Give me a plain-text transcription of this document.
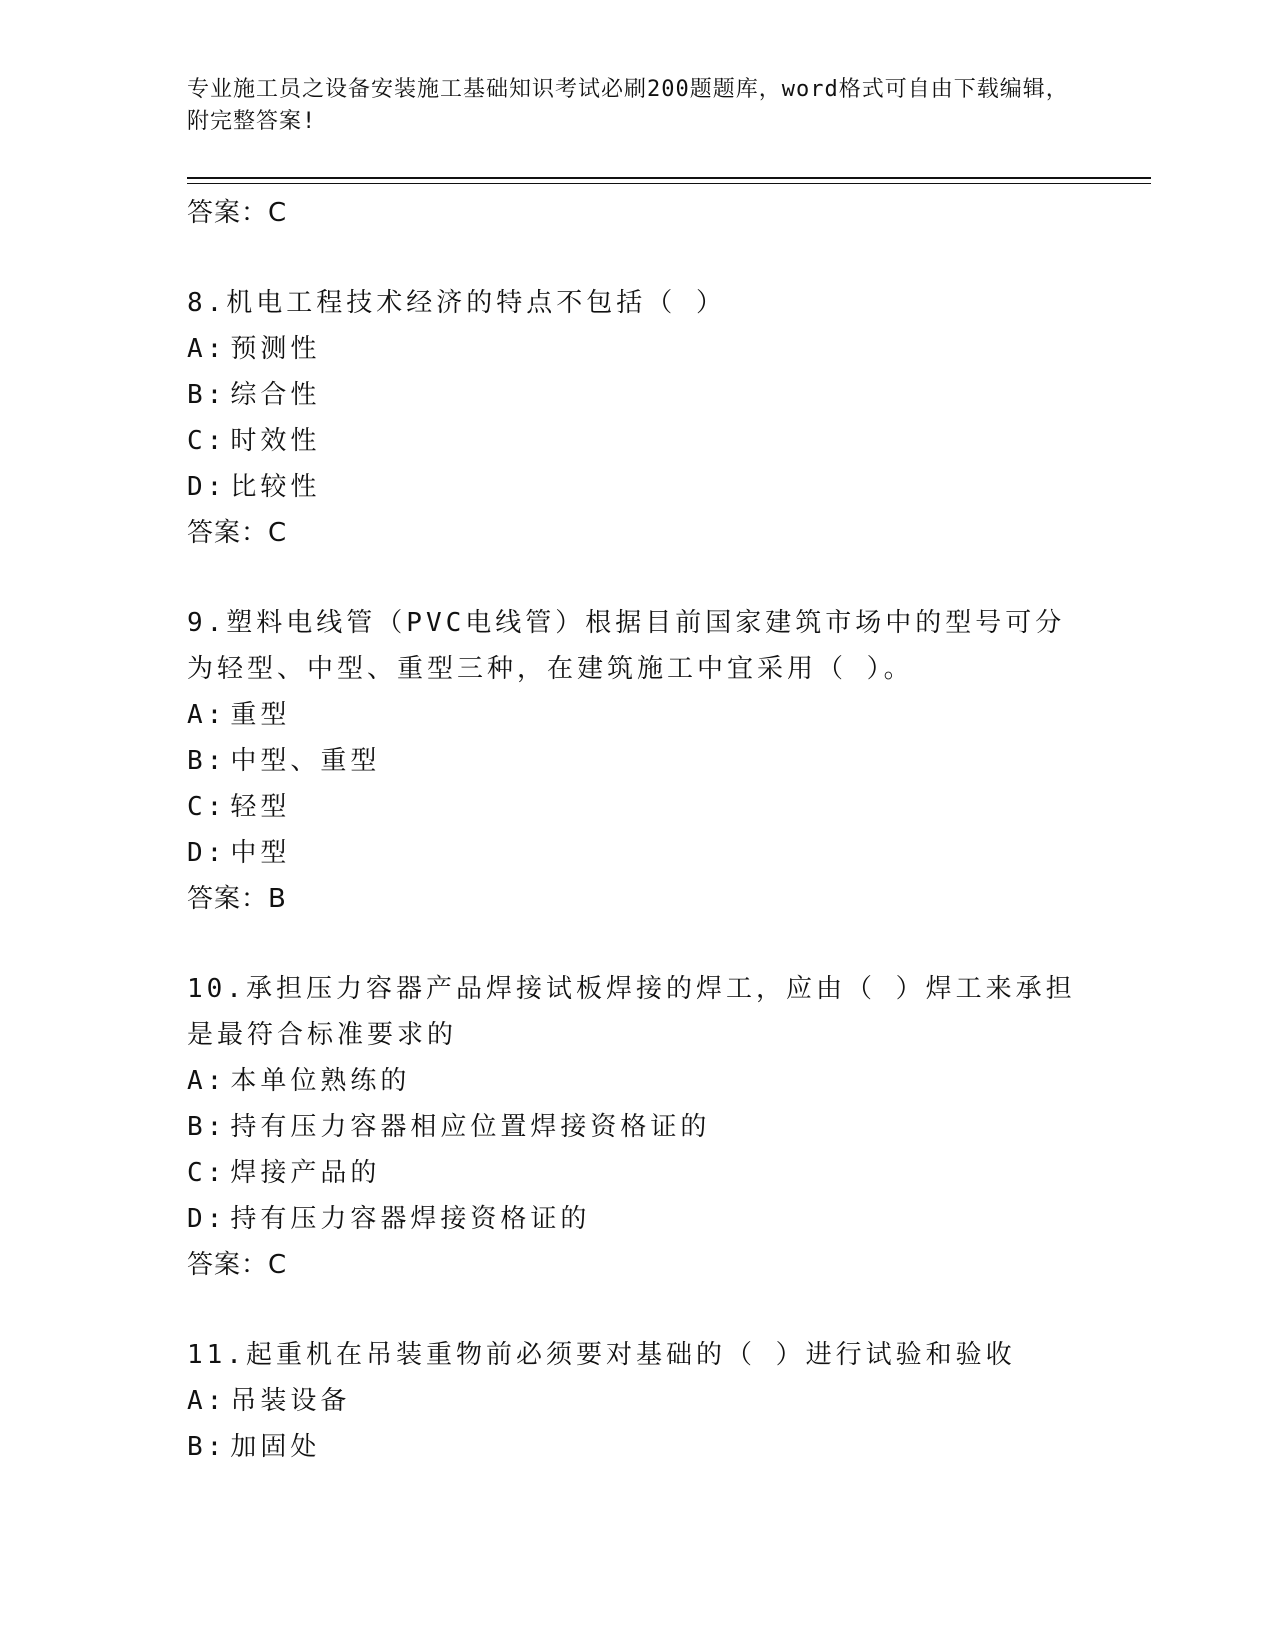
专业施工员之设备安装施工基础知识考试必刷200题题库，word格式可自由下载编辑，附完整答案!
答案：C
8.机电工程技术经济的特点不包括（ ）
A: 预测性
B: 综合性
C: 时效性
D: 比较性
答案：C
9.塑料电线管（PVC电线管）根据目前国家建筑市场中的型号可分为轻型、中型、重型三种，在建筑施工中宜采用（ ）。
A: 重型
B: 中型、重型
C: 轻型
D: 中型
答案：B
10.承担压力容器产品焊接试板焊接的焊工，应由（ ）焊工来承担是最符合标准要求的
A: 本单位熟练的
B: 持有压力容器相应位置焊接资格证的
C: 焊接产品的
D: 持有压力容器焊接资格证的
答案：C
11.起重机在吊装重物前必须要对基础的（ ）进行试验和验收
A: 吊装设备
B: 加固处
